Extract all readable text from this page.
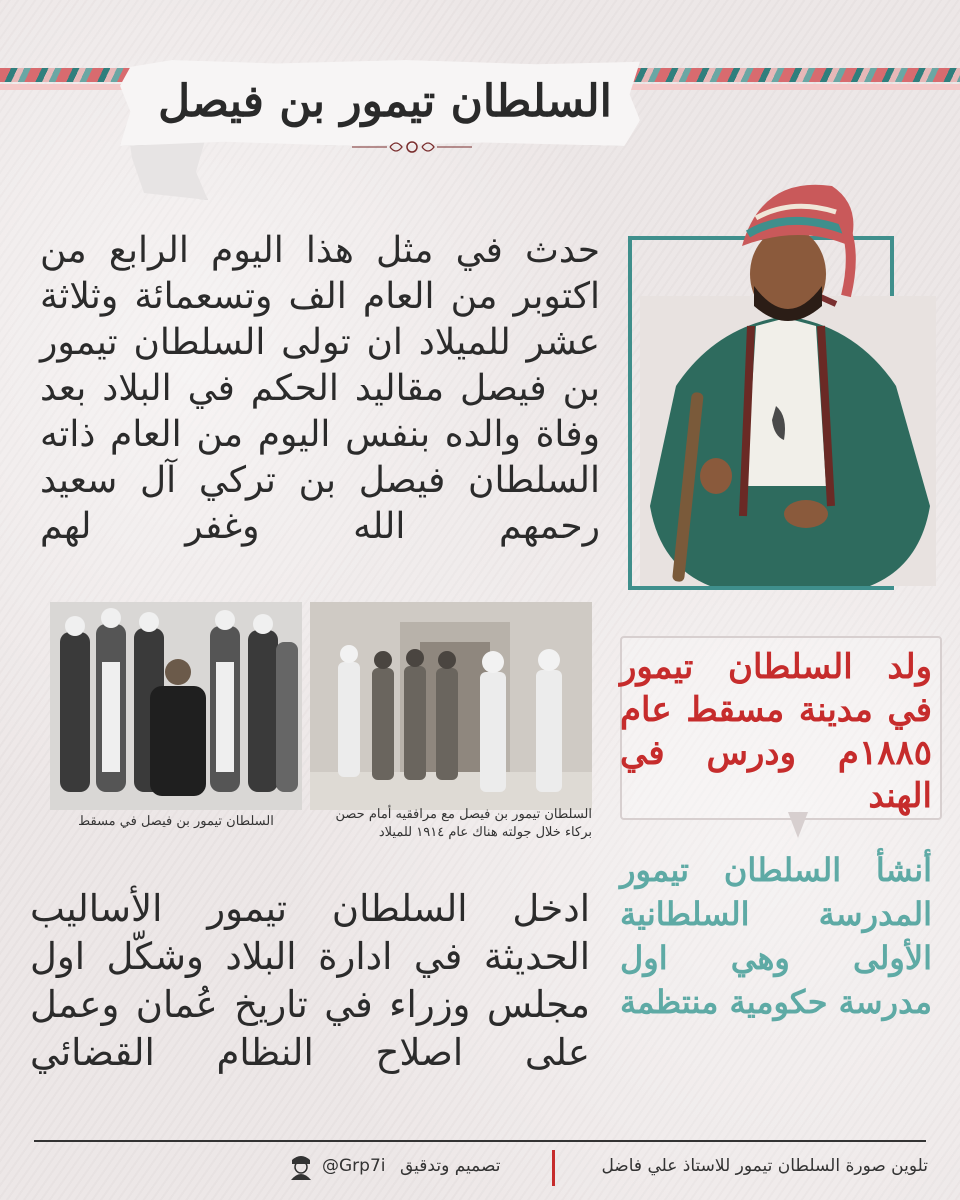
السلطان تيمور بن فيصل

حدث في مثل هذا اليوم الرابع من اكتوبر من العام الف وتسعمائة وثلاثة عشر للميلاد ان تولى السلطان تيمور بن فيصل مقاليد الحكم في البلاد بعد وفاة والده بنفس اليوم من العام ذاته السلطان فيصل بن تركي آل سعيد رحمهم الله وغفر لهم

السلطان تيمور بن فيصل في مسقط	السلطان تيمور بن فيصل مع مرافقيه أمام حصن بركاء خلال جولته هناك عام ١٩١٤ للميلاد

ولد السلطان تيمور في مدينة مسقط عام ١٨٨٥م ودرس في الهند

أنشأ السلطان تيمور المدرسة السلطانية الأولى وهي اول مدرسة حكومية منتظمة

ادخل السلطان تيمور الأساليب الحديثة في ادارة البلاد وشكّل اول مجلس وزراء في تاريخ عُمان وعمل على اصلاح النظام القضائي

تلوين صورة السلطان تيمور للاستاذ علي فاضل

تصميم وتدقيق

@Grp7i
